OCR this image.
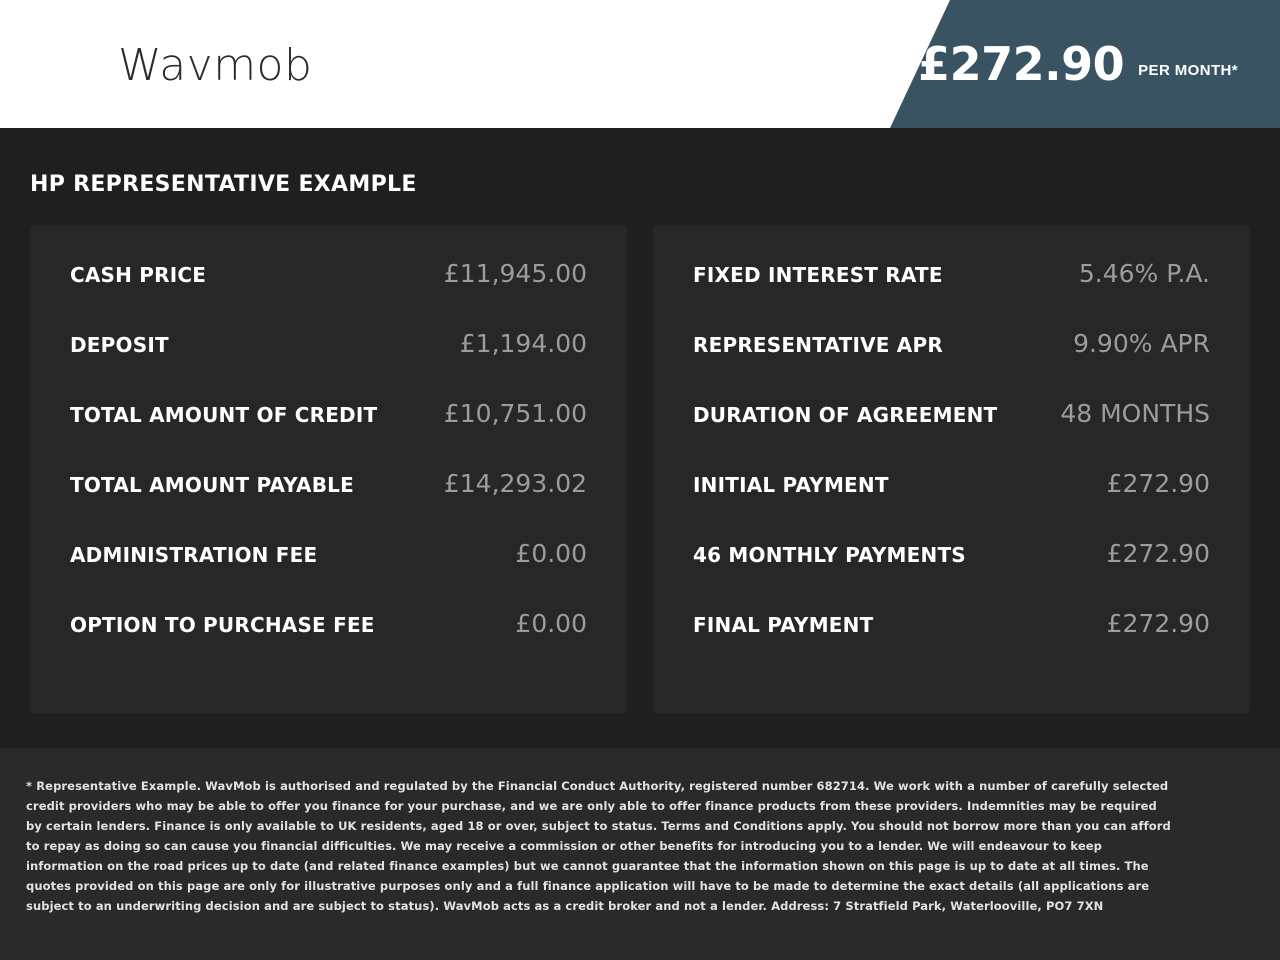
Wavmob	£272.90 PER MONTH*
HP REPRESENTATIVE EXAMPLE
CASH PRICE	£11,945.00
DEPOSIT	£1,194.00
TOTAL AMOUNT OF CREDIT	£10,751.00
TOTAL AMOUNT PAYABLE	£14,293.02
ADMINISTRATION FEE	£0.00
OPTION TO PURCHASE FEE	£0.00
FIXED INTEREST RATE	5.46% P.A.
REPRESENTATIVE APR	9.90% APR
DURATION OF AGREEMENT	48 MONTHS
INITIAL PAYMENT	£272.90
46 MONTHLY PAYMENTS	£272.90
FINAL PAYMENT	£272.90

* Representative Example. WavMob is authorised and regulated by the Financial Conduct Authority, registered number 682714. We work with a number of carefully selected credit providers who may be able to offer you finance for your purchase, and we are only able to offer finance products from these providers. Indemnities may be required by certain lenders. Finance is only available to UK residents, aged 18 or over, subject to status. Terms and Conditions apply. You should not borrow more than you can afford to repay as doing so can cause you financial difficulties. We may receive a commission or other benefits for introducing you to a lender. We will endeavour to keep information on the road prices up to date (and related finance examples) but we cannot guarantee that the information shown on this page is up to date at all times. The quotes provided on this page are only for illustrative purposes only and a full finance application will have to be made to determine the exact details (all applications are subject to an underwriting decision and are subject to status). WavMob acts as a credit broker and not a lender. Address: 7 Stratfield Park, Waterlooville, PO7 7XN
